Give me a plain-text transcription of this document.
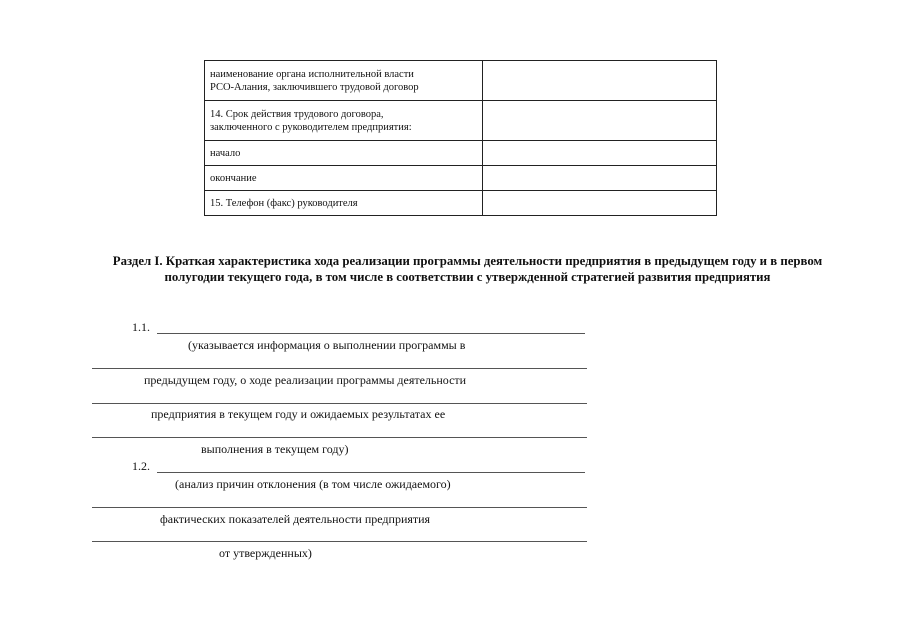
наименование органа исполнительной власти
РСО-Алания, заключившего трудовой договор	
14. Срок действия трудового договора,
заключенного с руководителем предприятия:	
начало	
окончание	
15. Телефон (факс) руководителя	

Раздел I. Краткая характеристика хода реализации программы деятельности предприятия в предыдущем году и в первом полугодии текущего года, в том числе в соответствии с утвержденной стратегией развития предприятия

1.1.
(указывается информация о выполнении программы в
предыдущем году, о ходе реализации программы деятельности
предприятия в текущем году и ожидаемых результатах ее
выполнения в текущем году)
1.2.
(анализ причин отклонения (в том числе ожидаемого)
фактических показателей деятельности предприятия
от утвержденных)
